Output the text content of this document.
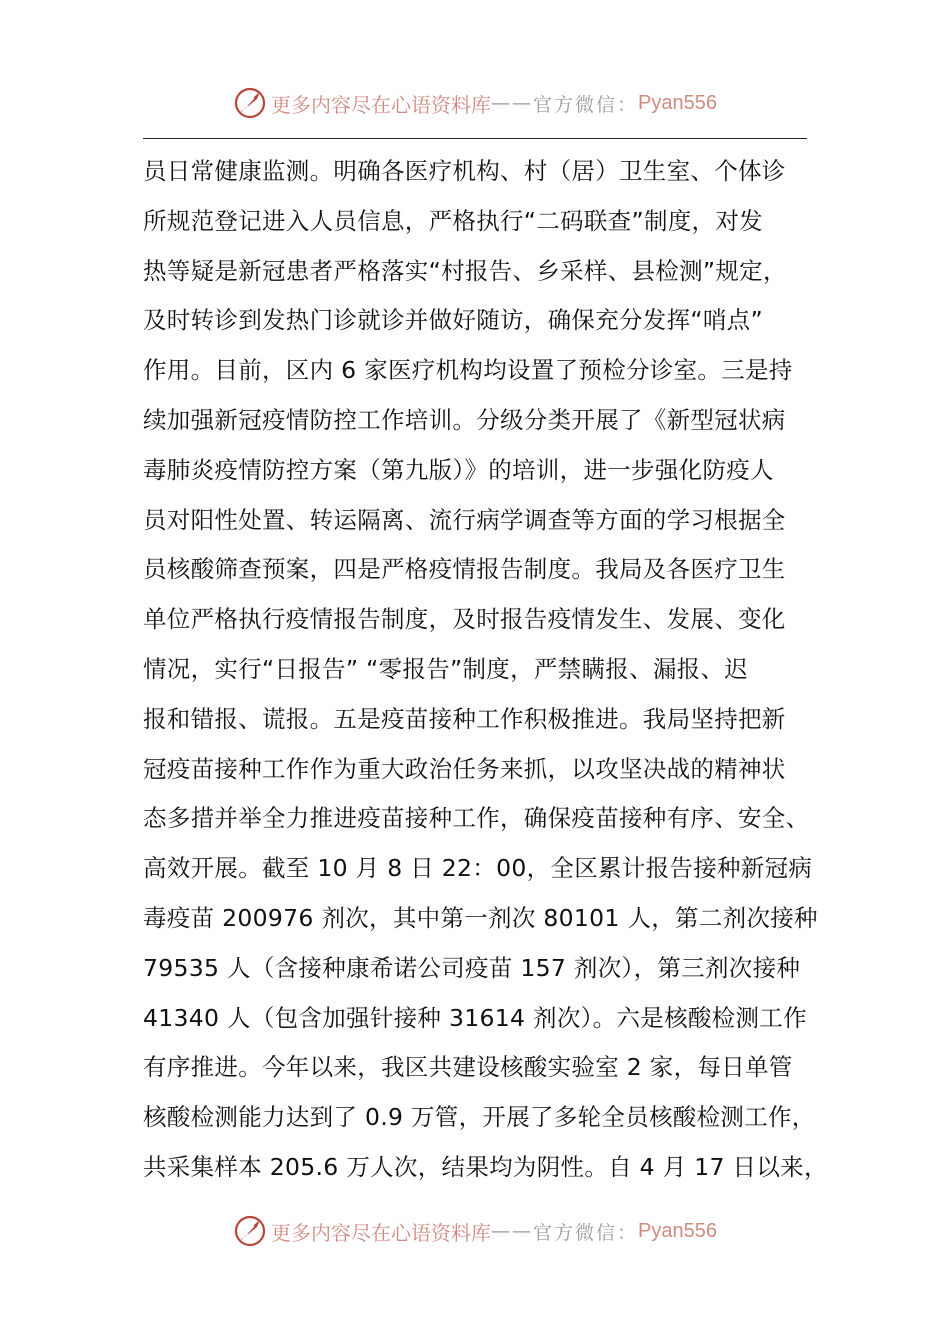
更多内容尽在心语资料库 —— 官方微信： Pyan556
员日常健康监测。明确各医疗机构、村（居）卫生室、个体诊
所规范登记进入人员信息，严格执行“二码联查”制度，对发
热等疑是新冠患者严格落实“村报告、乡采样、县检测”规定，
及时转诊到发热门诊就诊并做好随访，确保充分发挥“哨点”
作用。目前，区内 6 家医疗机构均设置了预检分诊室。三是持
续加强新冠疫情防控工作培训。分级分类开展了《新型冠状病
毒肺炎疫情防控方案（第九版）》的培训，进一步强化防疫人
员对阳性处置、转运隔离、流行病学调查等方面的学习根据全
员核酸筛查预案，四是严格疫情报告制度。我局及各医疗卫生
单位严格执行疫情报告制度，及时报告疫情发生、发展、变化
情况，实行“日报告” “零报告”制度，严禁瞒报、漏报、迟
报和错报、谎报。五是疫苗接种工作积极推进。我局坚持把新
冠疫苗接种工作作为重大政治任务来抓，以攻坚决战的精神状
态多措并举全力推进疫苗接种工作，确保疫苗接种有序、安全、
高效开展。截至 10 月 8 日 22：00，全区累计报告接种新冠病
毒疫苗 200976 剂次，其中第一剂次 80101 人，第二剂次接种
79535 人（含接种康希诺公司疫苗 157 剂次），第三剂次接种
41340 人（包含加强针接种 31614 剂次）。六是核酸检测工作
有序推进。今年以来，我区共建设核酸实验室 2 家，每日单管
核酸检测能力达到了 0.9 万管，开展了多轮全员核酸检测工作，
共采集样本 205.6 万人次，结果均为阴性。自 4 月 17 日以来，
更多内容尽在心语资料库 —— 官方微信： Pyan556
